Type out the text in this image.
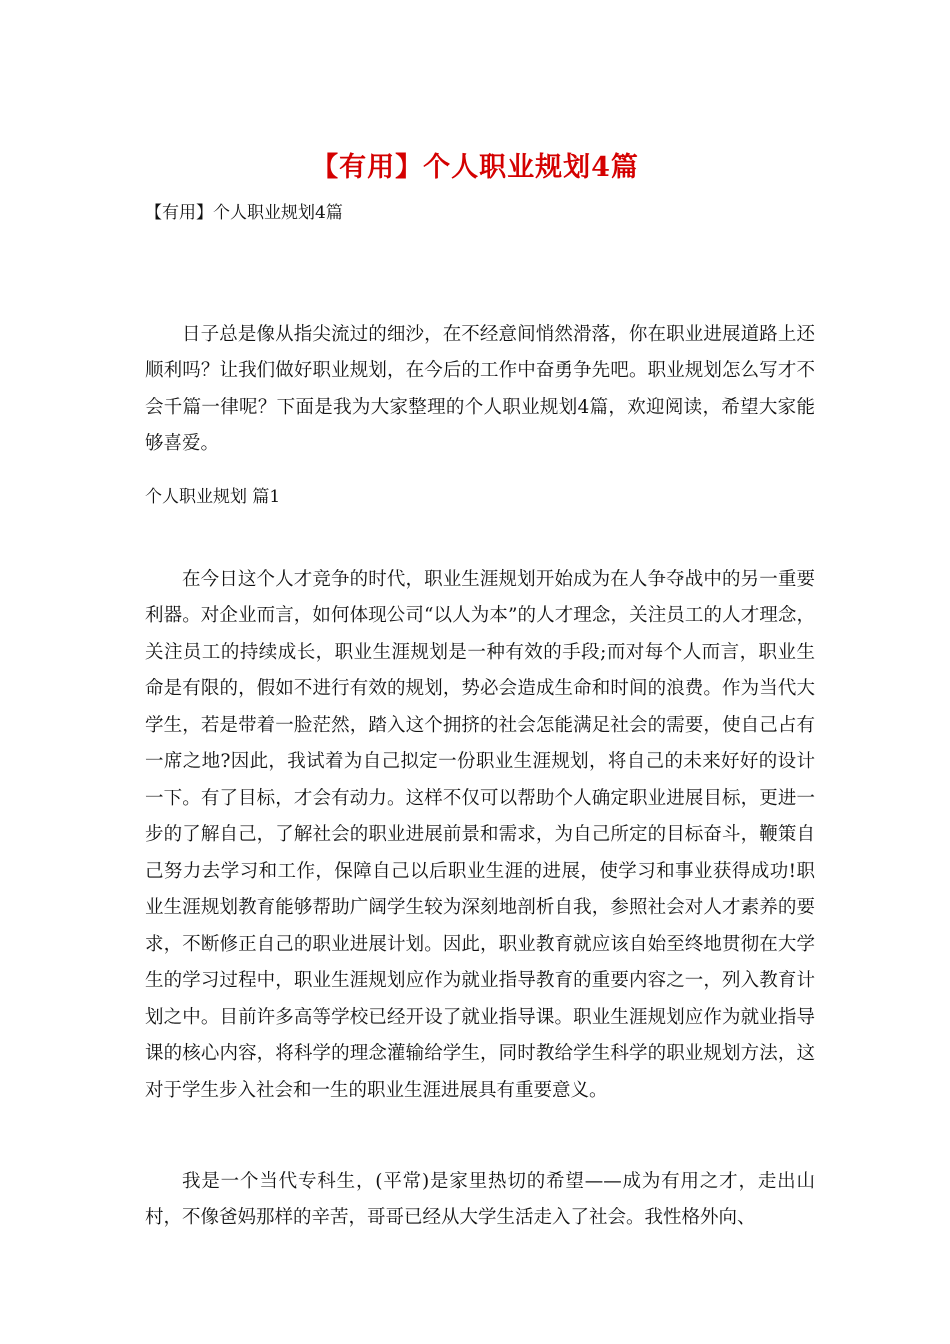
【有用】个人职业规划4篇
【有用】个人职业规划4篇

日子总是像从指尖流过的细沙，在不经意间悄然滑落，你在职业进展道路上还顺利吗？让我们做好职业规划，在今后的工作中奋勇争先吧。职业规划怎么写才不会千篇一律呢？下面是我为大家整理的个人职业规划4篇，欢迎阅读，希望大家能够喜爱。

个人职业规划 篇1

在今日这个人才竞争的时代，职业生涯规划开始成为在人争夺战中的另一重要利器。对企业而言，如何体现公司“以人为本”的人才理念，关注员工的人才理念，关注员工的持续成长，职业生涯规划是一种有效的手段;而对每个人而言，职业生命是有限的，假如不进行有效的规划，势必会造成生命和时间的浪费。作为当代大学生，若是带着一脸茫然，踏入这个拥挤的社会怎能满足社会的需要，使自己占有一席之地?因此，我试着为自己拟定一份职业生涯规划，将自己的未来好好的设计一下。有了目标，才会有动力。这样不仅可以帮助个人确定职业进展目标，更进一步的了解自己，了解社会的职业进展前景和需求，为自己所定的目标奋斗，鞭策自己努力去学习和工作，保障自己以后职业生涯的进展，使学习和事业获得成功!职业生涯规划教育能够帮助广阔学生较为深刻地剖析自我，参照社会对人才素养的要求，不断修正自己的职业进展计划。因此，职业教育就应该自始至终地贯彻在大学生的学习过程中，职业生涯规划应作为就业指导教育的重要内容之一，列入教育计划之中。目前许多高等学校已经开设了就业指导课。职业生涯规划应作为就业指导课的核心内容，将科学的理念灌输给学生，同时教给学生科学的职业规划方法，这对于学生步入社会和一生的职业生涯进展具有重要意义。

我是一个当代专科生，(平常)是家里热切的希望——成为有用之才，走出山村，不像爸妈那样的辛苦，哥哥已经从大学生活走入了社会。我性格外向、
